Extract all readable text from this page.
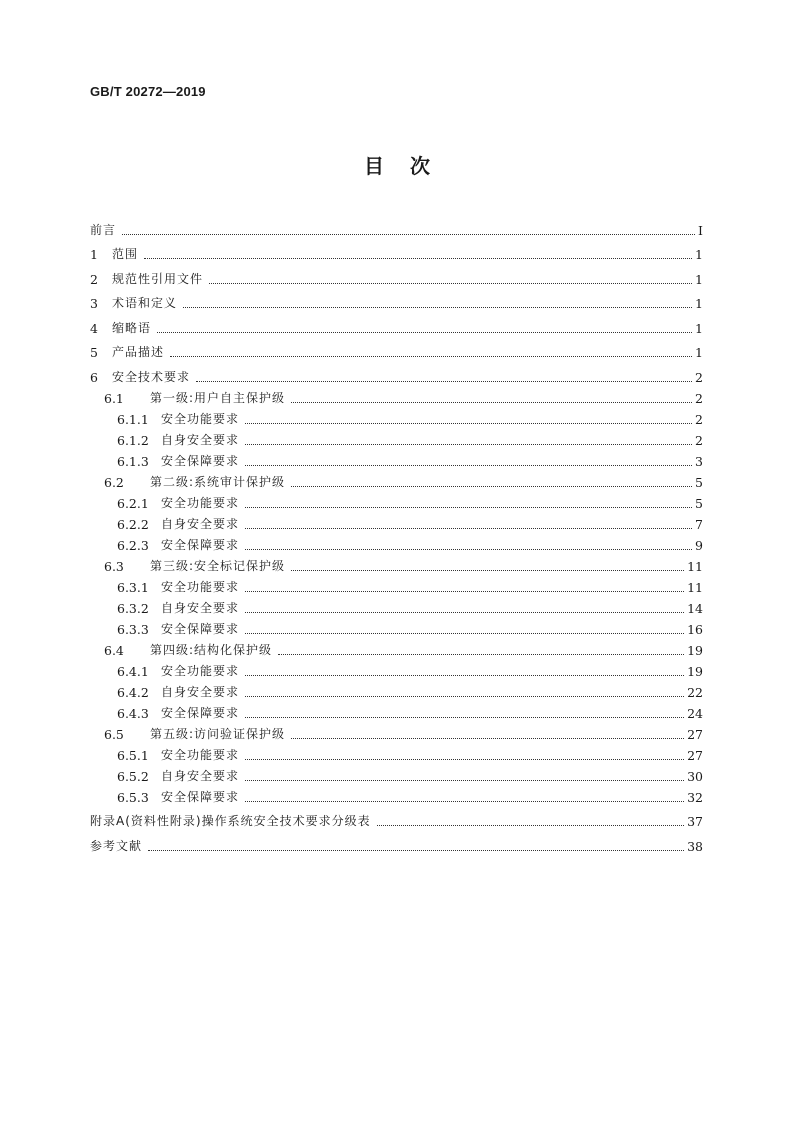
GB/T 20272—2019
目 次
前言	Ⅰ
1	范围	1
2	规范性引用文件	1
3	术语和定义	1
4	缩略语	1
5	产品描述	1
6	安全技术要求	2
6.1	第一级:用户自主保护级	2
6.1.1	安全功能要求	2
6.1.2	自身安全要求	2
6.1.3	安全保障要求	3
6.2	第二级:系统审计保护级	5
6.2.1	安全功能要求	5
6.2.2	自身安全要求	7
6.2.3	安全保障要求	9
6.3	第三级:安全标记保护级	11
6.3.1	安全功能要求	11
6.3.2	自身安全要求	14
6.3.3	安全保障要求	16
6.4	第四级:结构化保护级	19
6.4.1	安全功能要求	19
6.4.2	自身安全要求	22
6.4.3	安全保障要求	24
6.5	第五级:访问验证保护级	27
6.5.1	安全功能要求	27
6.5.2	自身安全要求	30
6.5.3	安全保障要求	32
附录A(资料性附录)操作系统安全技术要求分级表	37
参考文献	38
